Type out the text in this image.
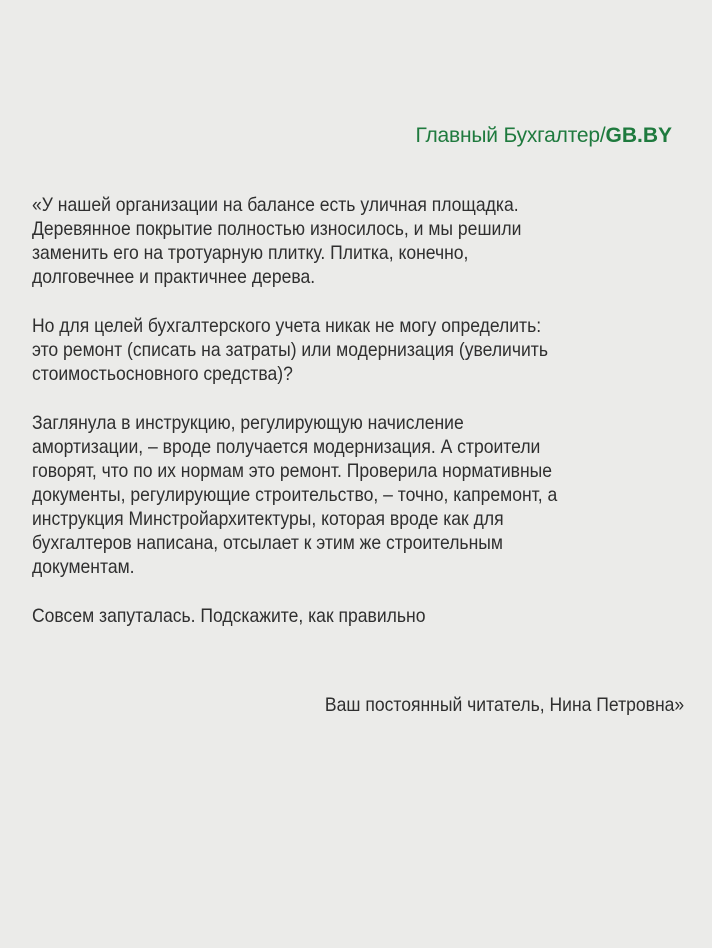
Главный Бухгалтер/GB.BY

«У нашей организации на балансе есть уличная площадка.
Деревянное покрытие полностью износилось, и мы решили
заменить его на тротуарную плитку. Плитка, конечно,
долговечнее и практичнее дерева.

Но для целей бухгалтерского учета никак не могу определить:
это ремонт (списать на затраты) или модернизация (увеличить
стоимостьосновного средства)?

Заглянула в инструкцию, регулирующую начисление
амортизации, – вроде получается модернизация. А строители
говорят, что по их нормам это ремонт. Проверила нормативные
документы, регулирующие строительство, – точно, капремонт, а
инструкция Минстройархитектуры, которая вроде как для
бухгалтеров написана, отсылает к этим же строительным
документам.

Совсем запуталась. Подскажите, как правильно

Ваш постоянный читатель, Нина Петровна»
